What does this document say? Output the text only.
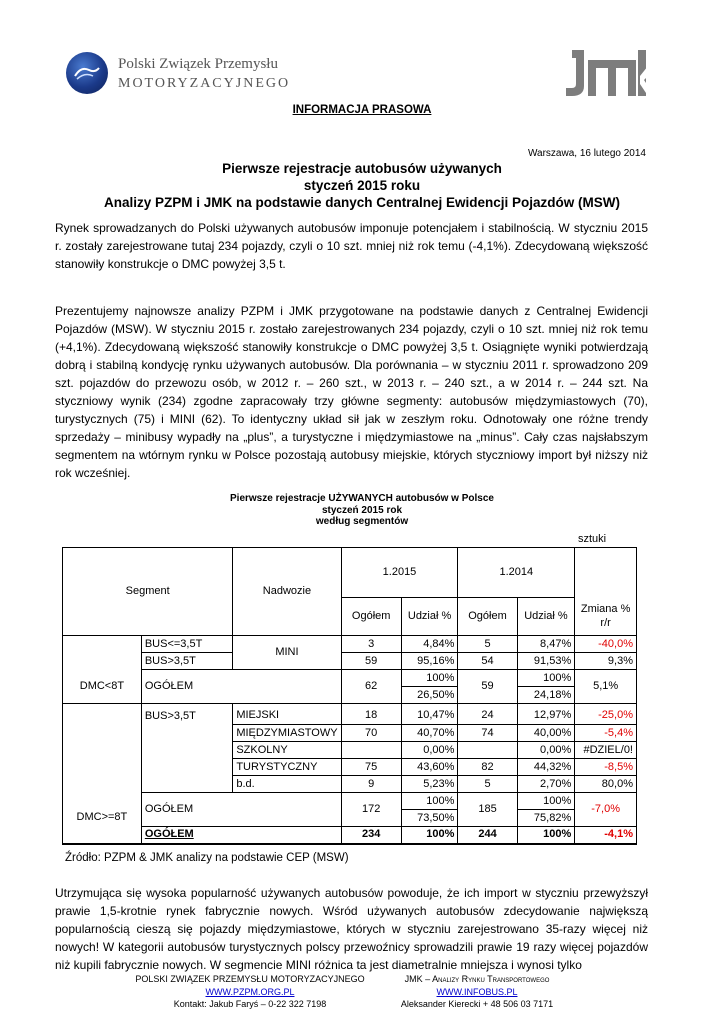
Polski Związek Przemysłu
MOTORYZACYJNEGO
INFORMACJA PRASOWA
Warszawa, 16 lutego 2014
Pierwsze rejestracje autobusów używanych
styczeń 2015 roku
Analizy PZPM i JMK na podstawie danych Centralnej Ewidencji Pojazdów (MSW)

Rynek sprowadzanych do Polski używanych autobusów imponuje potencjałem i stabilnością. W styczniu 2015 r. zostały zarejestrowane tutaj 234 pojazdy, czyli o 10 szt. mniej niż rok temu (-4,1%). Zdecydowaną większość stanowiły konstrukcje o DMC powyżej 3,5 t.

Prezentujemy najnowsze analizy PZPM i JMK przygotowane na podstawie danych z Centralnej Ewidencji Pojazdów (MSW). W styczniu 2015 r. zostało zarejestrowanych 234 pojazdy, czyli o 10 szt. mniej niż rok temu (+4,1%). Zdecydowaną większość stanowiły konstrukcje o DMC powyżej 3,5 t. Osiągnięte wyniki potwierdzają dobrą i stabilną kondycję rynku używanych autobusów. Dla porównania – w styczniu 2011 r. sprowadzono 209 szt. pojazdów do przewozu osób, w 2012 r. – 260 szt., w 2013 r. – 240 szt., a w 2014 r. – 244 szt. Na styczniowy wynik (234) zgodne zapracowały trzy główne segmenty: autobusów międzymiastowych (70), turystycznych (75) i MINI (62). To identyczny układ sił jak w zeszłym roku. Odnotowały one różne trendy sprzedaży – minibusy wypadły na „plus”, a turystyczne i międzymiastowe na „minus”. Cały czas najsłabszym segmentem na wtórnym rynku w Polsce pozostają autobusy miejskie, których styczniowy import był niższy niż rok wcześniej.

Pierwsze rejestracje UŻYWANYCH autobusów w Polsce
styczeń 2015 rok
według segmentów
sztuki
Segment		Nadwozie	1.2015		1.2014		
			Ogółem	Udział %	Ogółem	Udział %	Zmiana % r/r
	BUS<=3,5T	MINI	3	4,84%	5	8,47%	-40,0%
	BUS>3,5T		59	95,16%	54	91,53%	9,3%
DMC<8T	OGÓŁEM		62	100%	59	100%	5,1%
				26,50%		24,18%	

	BUS>3,5T	MIEJSKI	18	10,47%	24	12,97%	-25,0%
		MIĘDZYMIASTOWY	70	40,70%	74	40,00%	-5,4%
		SZKOLNY		0,00%		0,00%	#DZIEL/0!
		TURYSTYCZNY	75	43,60%	82	44,32%	-8,5%
		b.d.	9	5,23%	5	2,70%	80,0%
DMC>=8T	OGÓŁEM		172	100%	185	100%	-7,0%
				73,50%		75,82%	
	OGÓŁEM		234	100%	244	100%	-4,1%
Źródło: PZPM & JMK analizy na podstawie CEP (MSW)

Utrzymująca się wysoka popularność używanych autobusów powoduje, że ich import w styczniu przewyższył prawie 1,5-krotnie rynek fabrycznie nowych. Wśród używanych autobusów zdecydowanie największą popularnością cieszą się pojazdy międzymiastowe, których w styczniu zarejestrowano 35-razy więcej niż nowych! W kategorii autobusów turystycznych polscy przewoźnicy sprowadzili prawie 19 razy więcej pojazdów niż kupili fabrycznie nowych. W segmencie MINI różnica ta jest diametralnie mniejsza i wynosi tylko

POLSKI ZWIĄZEK PRZEMYSŁU MOTORYZACYJNEGO
WWW.PZPM.ORG.PL
Kontakt: Jakub Faryś – 0-22 322 7198
JMK – Analizy Rynku Transportowego
WWW.INFOBUS.PL
Aleksander Kierecki + 48 506 03 7171
